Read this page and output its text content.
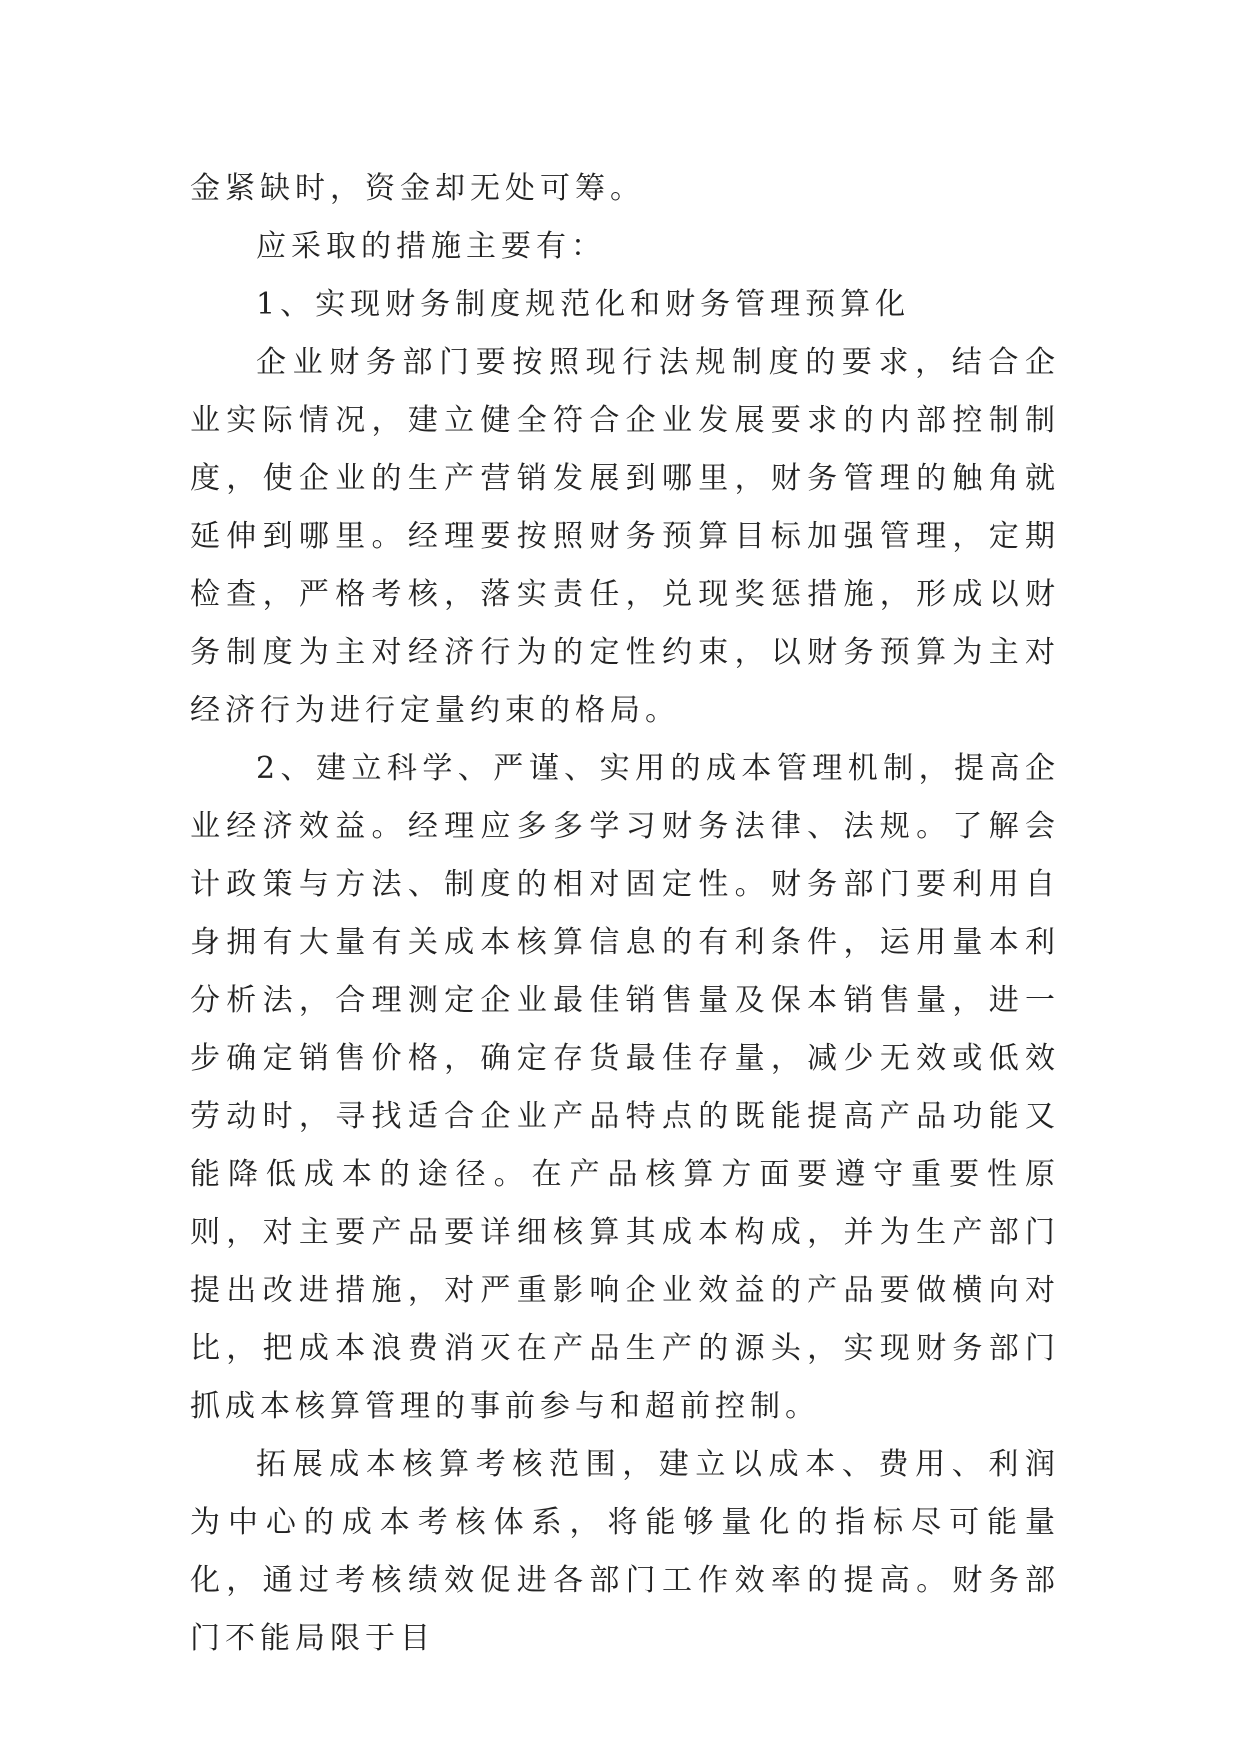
金紧缺时，资金却无处可筹。

应采取的措施主要有：

1、实现财务制度规范化和财务管理预算化

企业财务部门要按照现行法规制度的要求，结合企业实际情况，建立健全符合企业发展要求的内部控制制度，使企业的生产营销发展到哪里，财务管理的触角就延伸到哪里。经理要按照财务预算目标加强管理，定期检查，严格考核，落实责任，兑现奖惩措施，形成以财务制度为主对经济行为的定性约束，以财务预算为主对经济行为进行定量约束的格局。

2、建立科学、严谨、实用的成本管理机制，提高企业经济效益。经理应多多学习财务法律、法规。了解会计政策与方法、制度的相对固定性。财务部门要利用自身拥有大量有关成本核算信息的有利条件，运用量本利分析法，合理测定企业最佳销售量及保本销售量，进一步确定销售价格，确定存货最佳存量，减少无效或低效劳动时，寻找适合企业产品特点的既能提高产品功能又能降低成本的途径。在产品核算方面要遵守重要性原则，对主要产品要详细核算其成本构成，并为生产部门提出改进措施，对严重影响企业效益的产品要做横向对比，把成本浪费消灭在产品生产的源头，实现财务部门抓成本核算管理的事前参与和超前控制。

拓展成本核算考核范围，建立以成本、费用、利润为中心的成本考核体系，将能够量化的指标尽可能量化，通过考核绩效促进各部门工作效率的提高。财务部门不能局限于目
